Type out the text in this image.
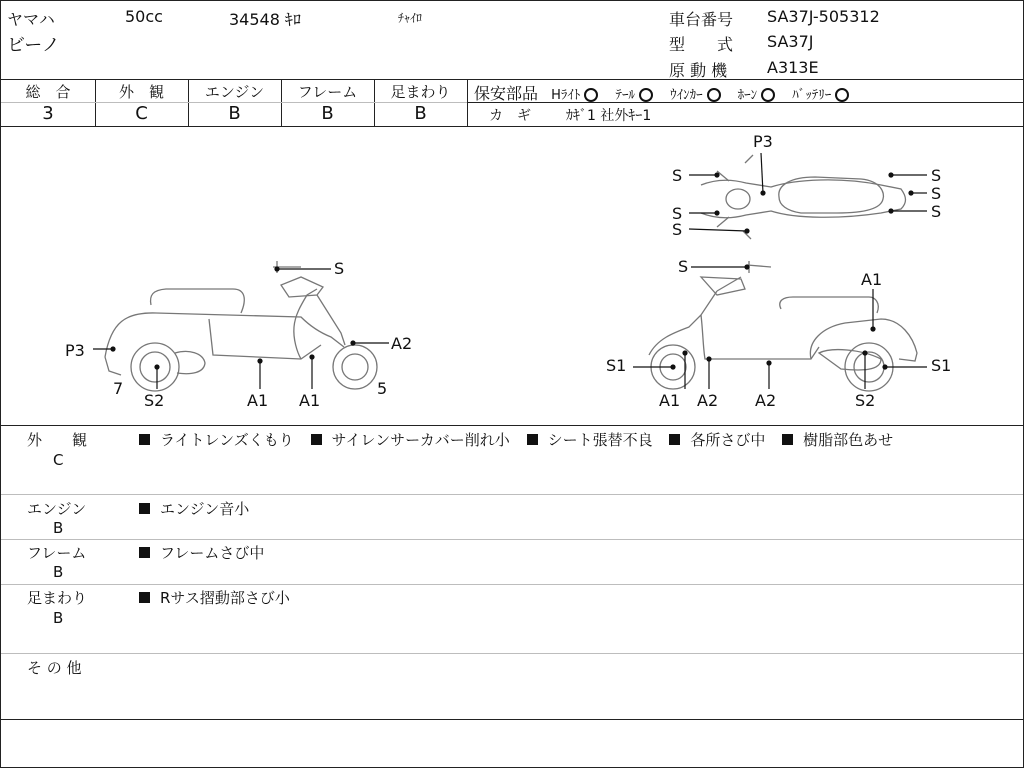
ヤマハ	50cc	34548 ｷﾛ	ﾁｬｲﾛ
ビーノ
車台番号 SA37J-505312
型　　式 SA37J
原 動 機 A313E
総　合
3
外　観
C
エンジン
B
フレーム
B
足まわり
B
保安部品 Hﾗｲﾄ	ﾃｰﾙ	ｳｲﾝｶｰ	ﾎｰﾝ	ﾊﾞｯﾃﾘｰ
カ　ギ	ｶｷﾞ1 社外ｷｰ1
S
A2
P3
7
S2	A1 A1
5
P3
S
S
S
S
S
S
S
A1
S1	S1
A1 A2 A2	S2
外　　観
C
ライトレンズくもり	サイレンサーカバー削れ小	シート張替不良	各所さび中	樹脂部色あせ
エンジン
B
エンジン音小
フレーム
B
フレームさび中
足まわり
B
Rサス摺動部さび小
そ の 他
